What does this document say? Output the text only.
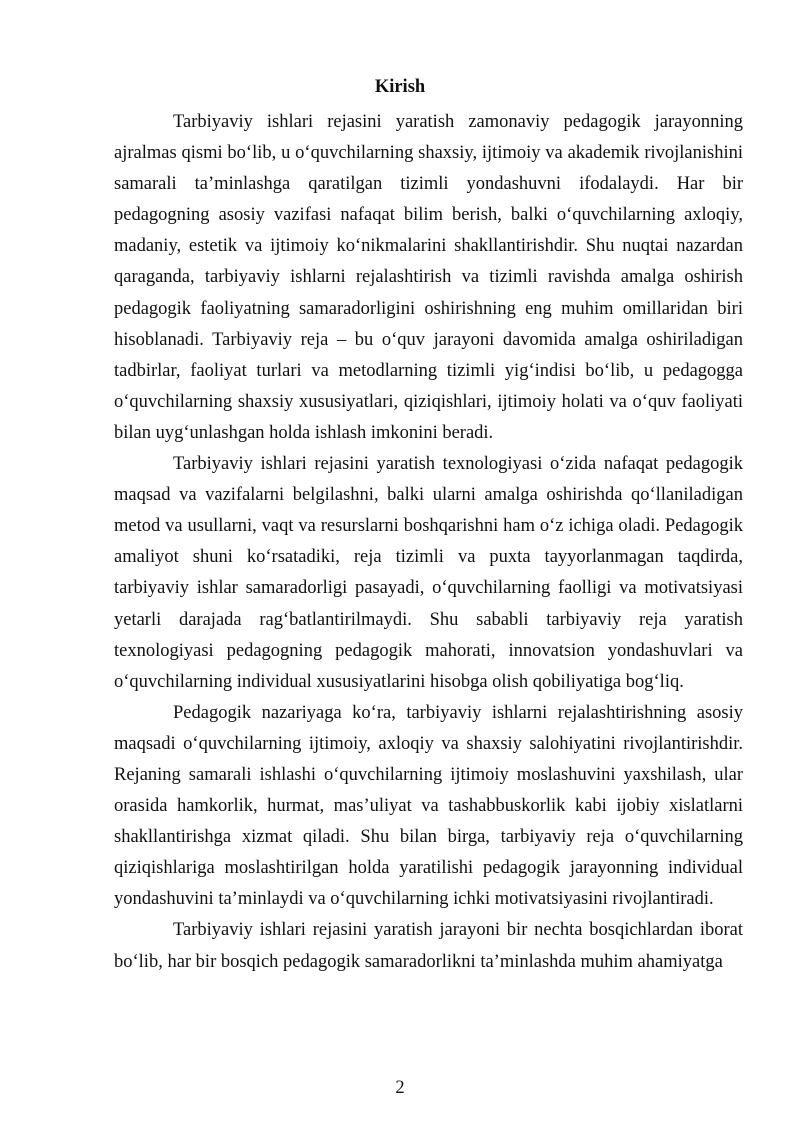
Kirish

Tarbiyaviy ishlari rejasini yaratish zamonaviy pedagogik jarayonning ajralmas qismi bo‘lib, u o‘quvchilarning shaxsiy, ijtimoiy va akademik rivojlanishini samarali ta’minlashga qaratilgan tizimli yondashuvni ifodalaydi. Har bir pedagogning asosiy vazifasi nafaqat bilim berish, balki o‘quvchilarning axloqiy, madaniy, estetik va ijtimoiy ko‘nikmalarini shakllantirishdir. Shu nuqtai nazardan qaraganda, tarbiyaviy ishlarni rejalashtirish va tizimli ravishda amalga oshirish pedagogik faoliyatning samaradorligini oshirishning eng muhim omillaridan biri hisoblanadi. Tarbiyaviy reja – bu o‘quv jarayoni davomida amalga oshiriladigan tadbirlar, faoliyat turlari va metodlarning tizimli yig‘indisi bo‘lib, u pedagogga o‘quvchilarning shaxsiy xususiyatlari, qiziqishlari, ijtimoiy holati va o‘quv faoliyati bilan uyg‘unlashgan holda ishlash imkonini beradi.

Tarbiyaviy ishlari rejasini yaratish texnologiyasi o‘zida nafaqat pedagogik maqsad va vazifalarni belgilashni, balki ularni amalga oshirishda qo‘llaniladigan metod va usullarni, vaqt va resurslarni boshqarishni ham o‘z ichiga oladi. Pedagogik amaliyot shuni ko‘rsatadiki, reja tizimli va puxta tayyorlanmagan taqdirda, tarbiyaviy ishlar samaradorligi pasayadi, o‘quvchilarning faolligi va motivatsiyasi yetarli darajada rag‘batlantirilmaydi. Shu sababli tarbiyaviy reja yaratish texnologiyasi pedagogning pedagogik mahorati, innovatsion yondashuvlari va o‘quvchilarning individual xususiyatlarini hisobga olish qobiliyatiga bog‘liq.

Pedagogik nazariyaga ko‘ra, tarbiyaviy ishlarni rejalashtirishning asosiy maqsadi o‘quvchilarning ijtimoiy, axloqiy va shaxsiy salohiyatini rivojlantirishdir. Rejaning samarali ishlashi o‘quvchilarning ijtimoiy moslashuvini yaxshilash, ular orasida hamkorlik, hurmat, mas’uliyat va tashabbuskorlik kabi ijobiy xislatlarni shakllantirishga xizmat qiladi. Shu bilan birga, tarbiyaviy reja o‘quvchilarning qiziqishlariga moslashtirilgan holda yaratilishi pedagogik jarayonning individual yondashuvini ta’minlaydi va o‘quvchilarning ichki motivatsiyasini rivojlantiradi.

Tarbiyaviy ishlari rejasini yaratish jarayoni bir nechta bosqichlardan iborat bo‘lib, har bir bosqich pedagogik samaradorlikni ta’minlashda muhim ahamiyatga

2
